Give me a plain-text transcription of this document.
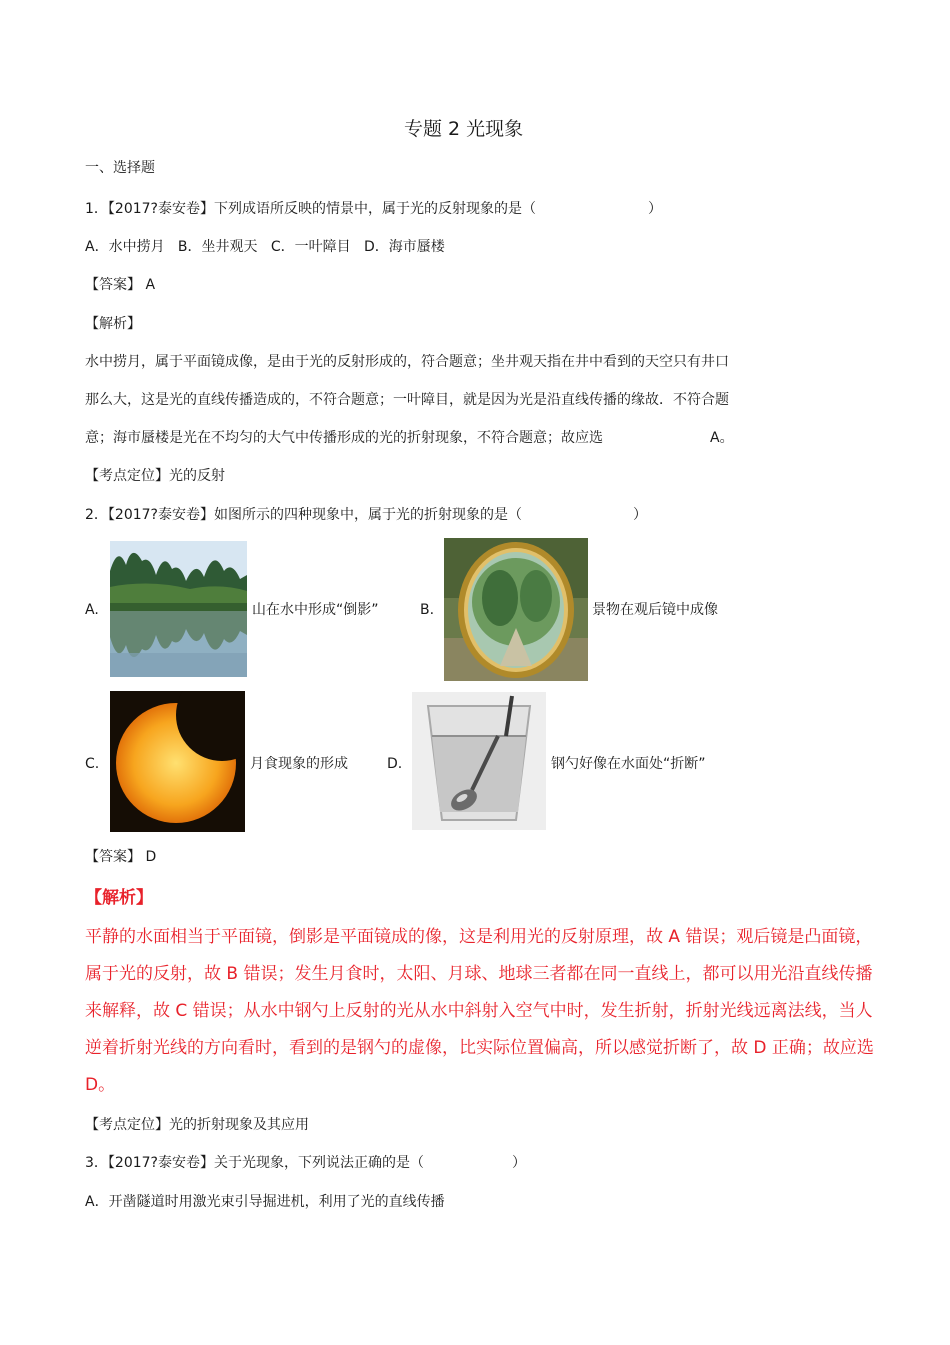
专题 2 光现象
一、选择题
1．【2017?泰安卷】下列成语所反映的情景中，属于光的反射现象的是（	）
A．水中捞月   B．坐井观天   C．一叶障目   D．海市蜃楼
【答案】 A
【解析】
水中捞月，属于平面镜成像，是由于光的反射形成的，符合题意；坐井观天指在井中看到的天空只有井口
那么大，这是光的直线传播造成的，不符合题意；一叶障目，就是因为光是沿直线传播的缘故．不符合题
意；海市蜃楼是光在不均匀的大气中传播形成的光的折射现象，不符合题意；故应选	A。
【考点定位】光的反射
2．【2017?泰安卷】如图所示的四种现象中，属于光的折射现象的是（	）
A.	山在水中形成“倒影”	B.	景物在观后镜中成像
C.	月食现象的形成	D.	钢勺好像在水面处“折断”
【答案】 D
【解析】
平静的水面相当于平面镜，倒影是平面镜成的像，这是利用光的反射原理，故 A 错误；观后镜是凸面镜，
属于光的反射，故 B 错误；发生月食时，太阳、月球、地球三者都在同一直线上，都可以用光沿直线传播
来解释，故 C 错误；从水中钢勺上反射的光从水中斜射入空气中时，发生折射，折射光线远离法线，当人
逆着折射光线的方向看时，看到的是钢勺的虚像，比实际位置偏高，所以感觉折断了，故 D 正确；故应选
D。
【考点定位】光的折射现象及其应用
3．【2017?泰安卷】关于光现象，下列说法正确的是（	）
A．开凿隧道时用激光束引导掘进机，利用了光的直线传播
